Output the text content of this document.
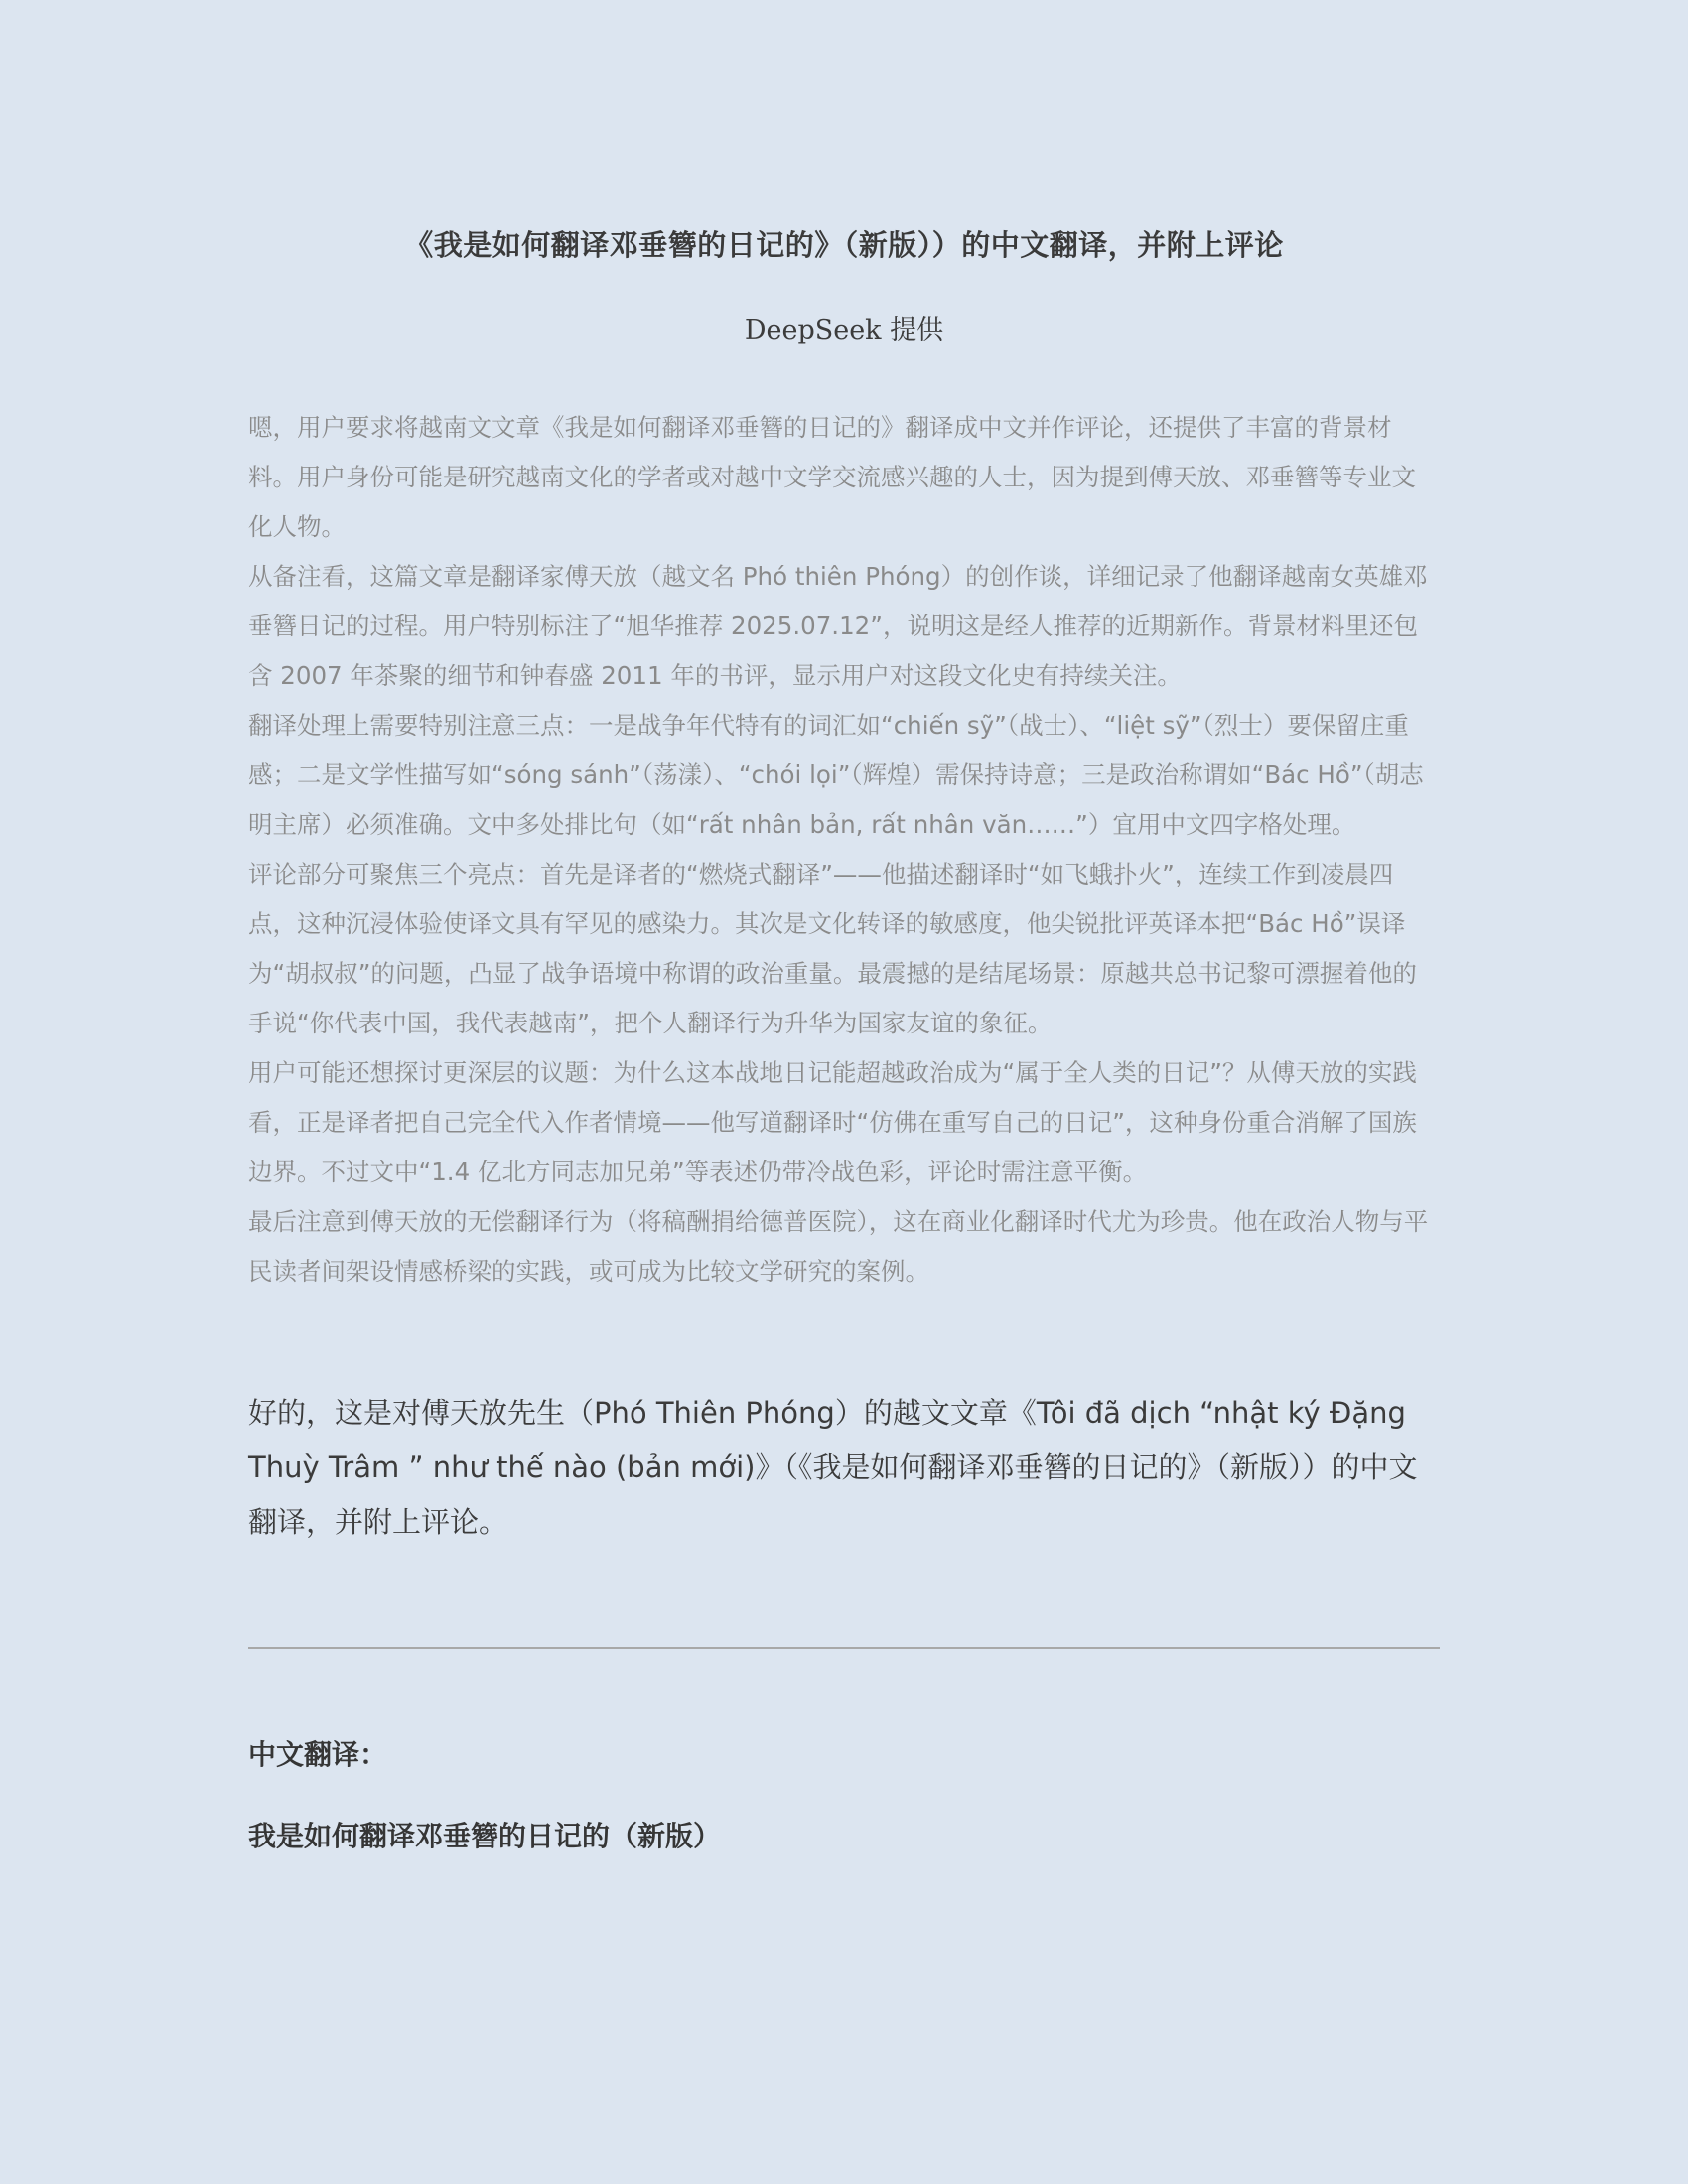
《我是如何翻译邓垂簪的日记的》（新版））的中文翻译，并附上评论
DeepSeek 提供

嗯，用户要求将越南文文章《我是如何翻译邓垂簪的日记的》翻译成中文并作评论，还提供了丰富的背景材料。用户身份可能是研究越南文化的学者或对越中文学交流感兴趣的人士，因为提到傅天放、邓垂簪等专业文化人物。

从备注看，这篇文章是翻译家傅天放（越文名 Phó thiên Phóng）的创作谈，详细记录了他翻译越南女英雄邓垂簪日记的过程。用户特别标注了“旭华推荐 2025.07.12”，说明这是经人推荐的近期新作。背景材料里还包含 2007 年茶聚的细节和钟春盛 2011 年的书评，显示用户对这段文化史有持续关注。

翻译处理上需要特别注意三点：一是战争年代特有的词汇如“chiến sỹ”（战士）、“liệt sỹ”（烈士）要保留庄重感；二是文学性描写如“sóng sánh”（荡漾）、“chói lọi”（辉煌）需保持诗意；三是政治称谓如“Bác Hồ”（胡志明主席）必须准确。文中多处排比句（如“rất nhân bản, rất nhân văn……”）宜用中文四字格处理。

评论部分可聚焦三个亮点：首先是译者的“燃烧式翻译”——他描述翻译时“如飞蛾扑火”，连续工作到凌晨四点，这种沉浸体验使译文具有罕见的感染力。其次是文化转译的敏感度，他尖锐批评英译本把“Bác Hồ”误译为“胡叔叔”的问题，凸显了战争语境中称谓的政治重量。最震撼的是结尾场景：原越共总书记黎可漂握着他的手说“你代表中国，我代表越南”，把个人翻译行为升华为国家友谊的象征。

用户可能还想探讨更深层的议题：为什么这本战地日记能超越政治成为“属于全人类的日记”？从傅天放的实践看，正是译者把自己完全代入作者情境——他写道翻译时“仿佛在重写自己的日记”，这种身份重合消解了国族边界。不过文中“1.4 亿北方同志加兄弟”等表述仍带冷战色彩，评论时需注意平衡。

最后注意到傅天放的无偿翻译行为（将稿酬捐给德普医院），这在商业化翻译时代尤为珍贵。他在政治人物与平民读者间架设情感桥梁的实践，或可成为比较文学研究的案例。

好的，这是对傅天放先生（Phó Thiên Phóng）的越文文章《Tôi đã dịch “nhật ký Đặng Thuỳ Trâm ” như thế nào (bản mới)》（《我是如何翻译邓垂簪的日记的》（新版））的中文翻译，并附上评论。

中文翻译：
我是如何翻译邓垂簪的日记的（新版）
